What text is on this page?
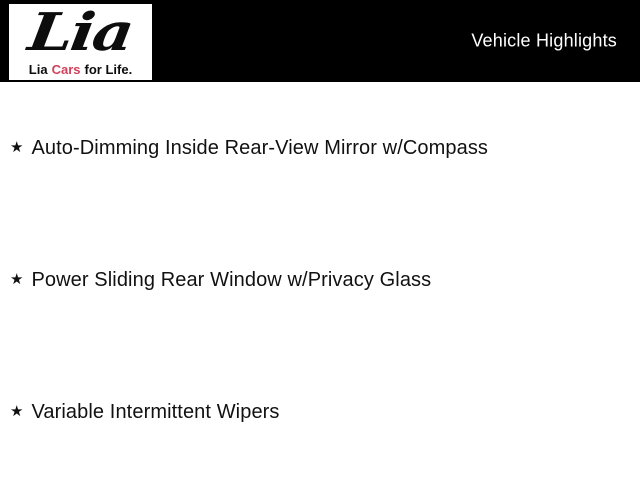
Lia
Lia Cars for Life.
Vehicle Highlights
★ Auto-Dimming Inside Rear-View Mirror w/Compass
★ Power Sliding Rear Window w/Privacy Glass
★ Variable Intermittent Wipers
